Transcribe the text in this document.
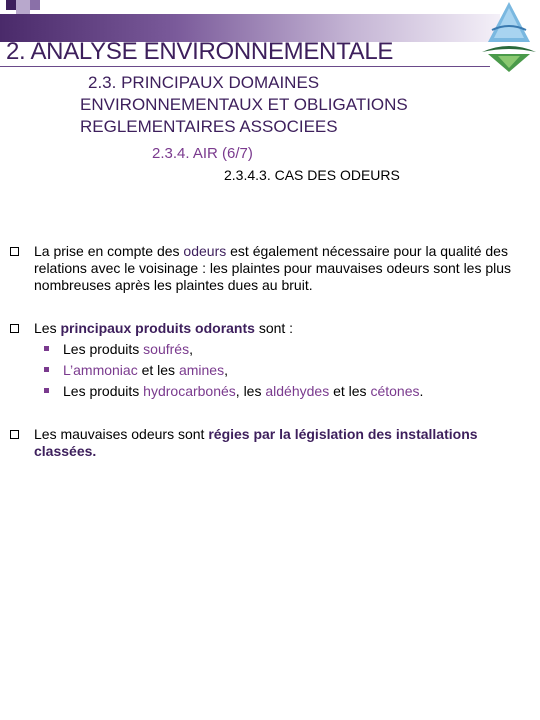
2. ANALYSE ENVIRONNEMENTALE
2.3. PRINCIPAUX DOMAINES
ENVIRONNEMENTAUX ET OBLIGATIONS
REGLEMENTAIRES ASSOCIEES
2.3.4. AIR (6/7)
2.3.4.3. CAS DES ODEURS
La prise en compte des odeurs est également nécessaire pour la qualité des relations avec le voisinage : les plaintes pour mauvaises odeurs sont les plus nombreuses après les plaintes dues au bruit.
Les principaux produits odorants sont :
Les produits soufrés,
L’ammoniac et les amines,
Les produits hydrocarbonés, les aldéhydes et les cétones.
Les mauvaises odeurs sont régies par la législation des installations classées.
